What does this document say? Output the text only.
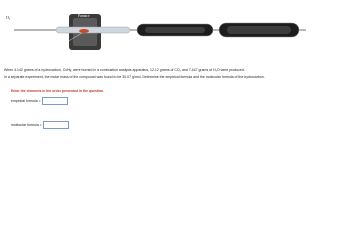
O₂	Furnace
H₂O absorber	CO₂ absorber
Sample

When 4.142 grams of a hydrocarbon, CxHy, were burned in a combustion analysis apparatus, 12.12 grams of CO₂ and 7.447 grams of H₂O were produced.

In a separate experiment, the molar mass of the compound was found to be 30.07 g/mol. Determine the empirical formula and the molecular formula of the hydrocarbon.

Enter the elements in the order presented in the question.
empirical formula =
molecular formula =
